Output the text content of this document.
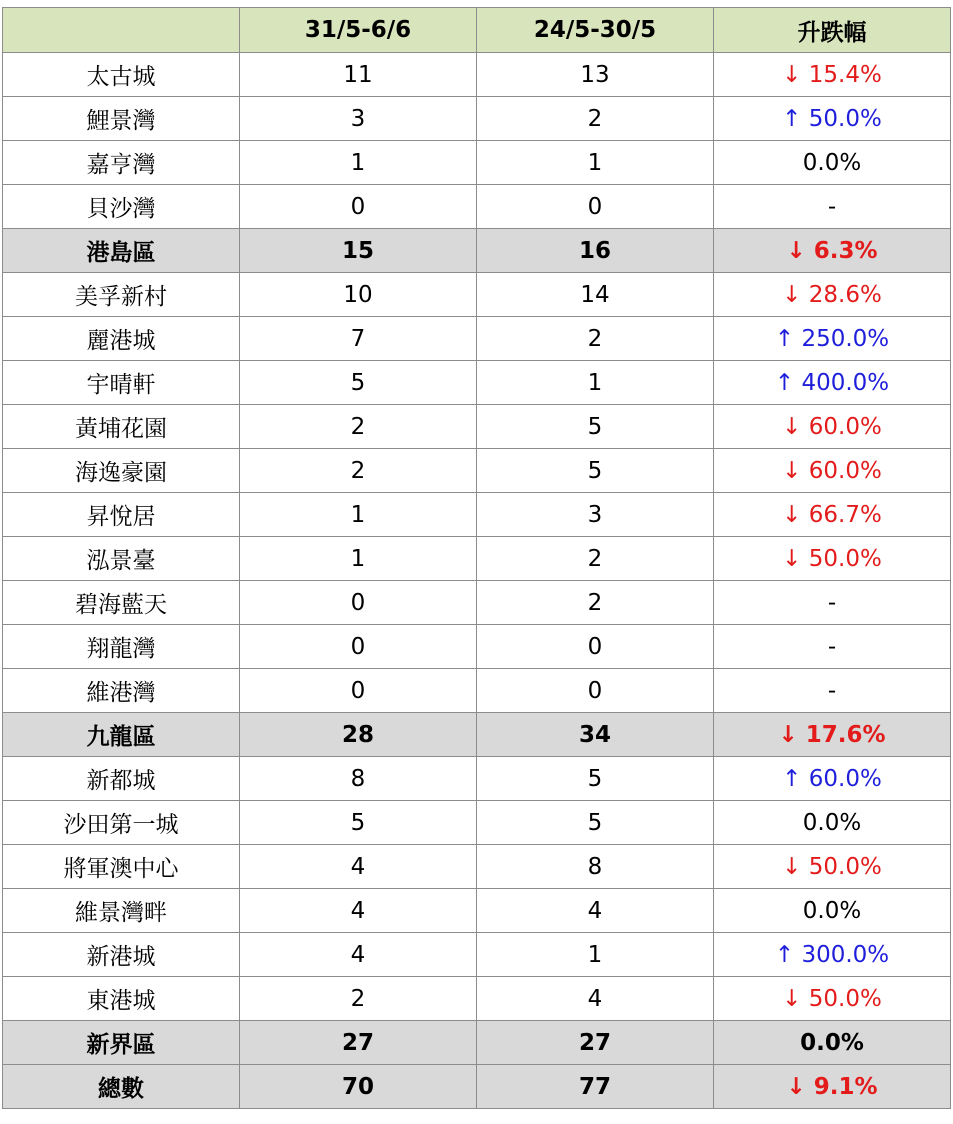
	31/5-6/6	24/5-30/5	升跌幅
太古城	11	13	↓ 15.4%
鯉景灣	3	2	↑ 50.0%
嘉亨灣	1	1	0.0%
貝沙灣	0	0	-
港島區	15	16	↓ 6.3%
美孚新村	10	14	↓ 28.6%
麗港城	7	2	↑ 250.0%
宇晴軒	5	1	↑ 400.0%
黃埔花園	2	5	↓ 60.0%
海逸豪園	2	5	↓ 60.0%
昇悅居	1	3	↓ 66.7%
泓景臺	1	2	↓ 50.0%
碧海藍天	0	2	-
翔龍灣	0	0	-
維港灣	0	0	-
九龍區	28	34	↓ 17.6%
新都城	8	5	↑ 60.0%
沙田第一城	5	5	0.0%
將軍澳中心	4	8	↓ 50.0%
維景灣畔	4	4	0.0%
新港城	4	1	↑ 300.0%
東港城	2	4	↓ 50.0%
新界區	27	27	0.0%
總數	70	77	↓ 9.1%
